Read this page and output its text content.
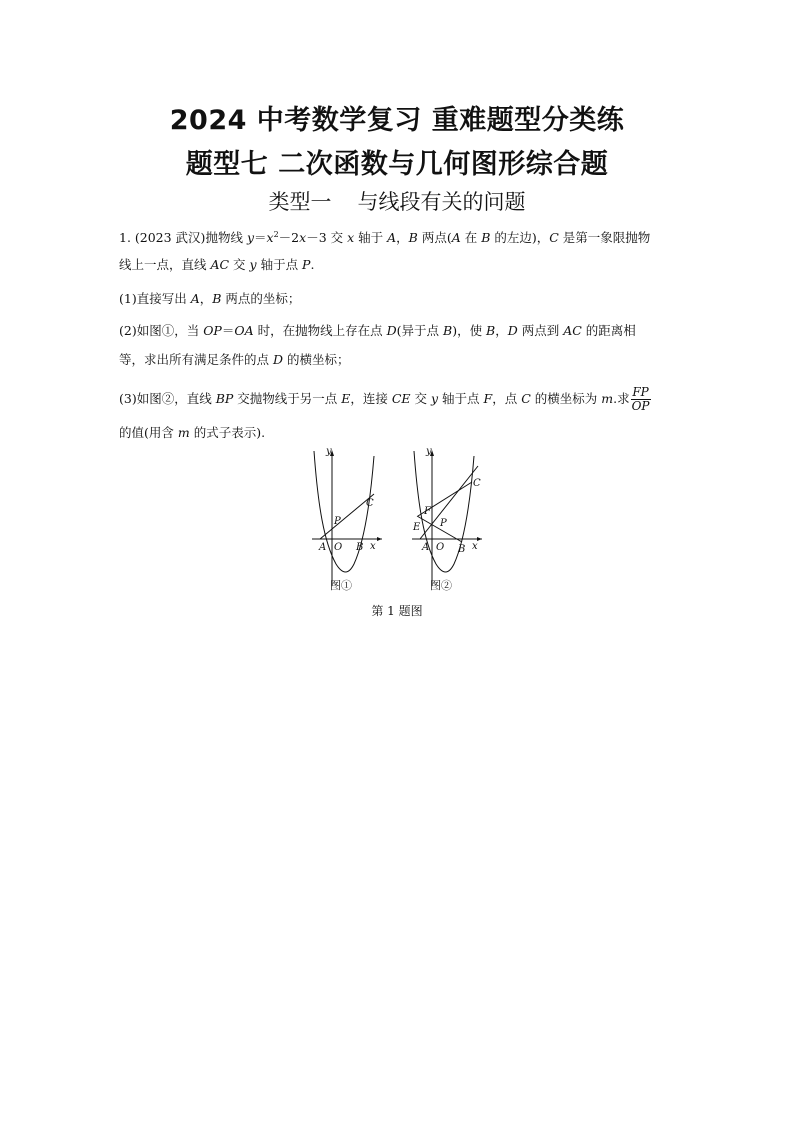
2024 中考数学复习 重难题型分类练
题型七 二次函数与几何图形综合题
类型一 与线段有关的问题
1. (2023 武汉)抛物线 $y=x^2-2x-3$ 交 x 轴于 A，B 两点(A 在 B 的左边)，C 是第一象限抛物
线上一点，直线 AC 交 y 轴于点 P.
(1)直接写出 A，B 两点的坐标；
(2)如图①，当 OP＝OA 时，在抛物线上存在点 D(异于点 B)，使 B，D 两点到 AC 的距离相
等，求出所有满足条件的点 D 的横坐标；
(3)如图②，直线 BP 交抛物线于另一点 E，连接 CE 交 y 轴于点 F，点 C 的横坐标为 m.求 $\frac{FP}{OP}$
的值(用含 m 的式子表示).
y
x
A O B
P
C
图①
y
x
A O B
P
C
E
F
图②
第 1 题图
